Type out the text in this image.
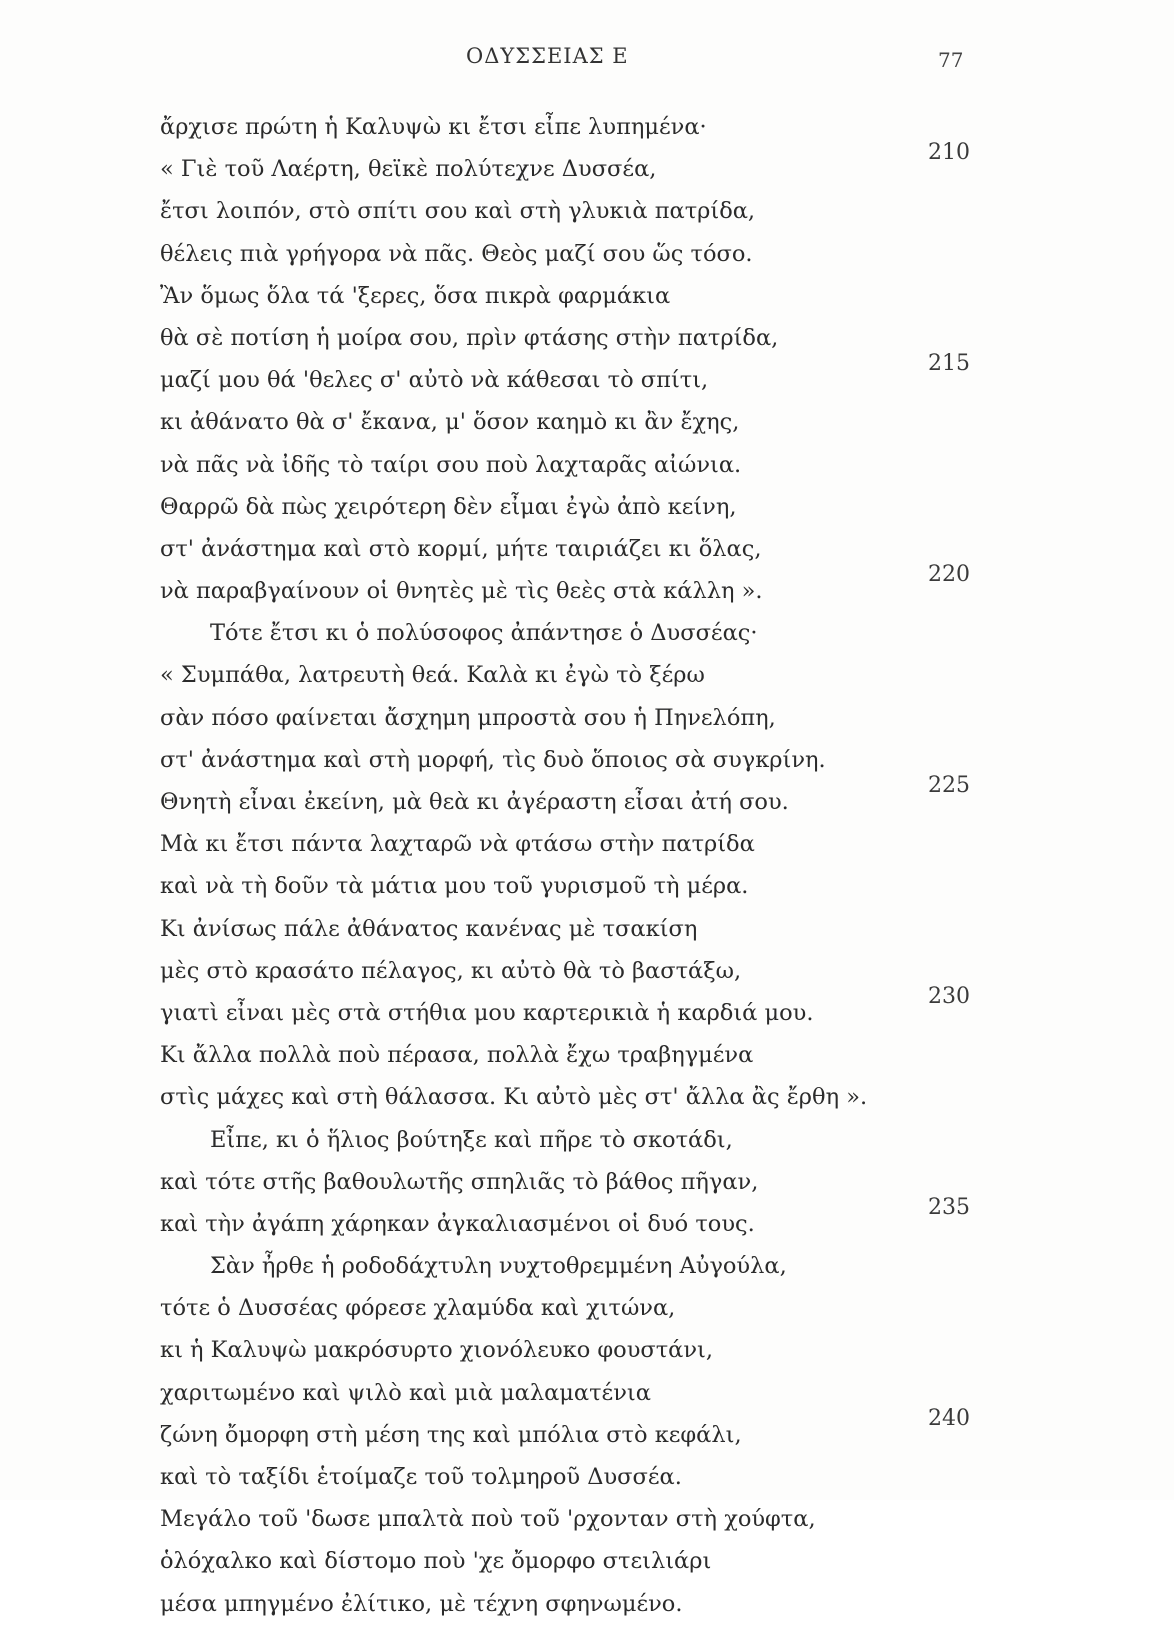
ΟΔΥΣΣΕΙΑΣ Ε	77
ἄρχισε πρώτη ἡ Καλυψὼ κι ἔτσι εἶπε λυπημένα·
« Γιὲ τοῦ Λαέρτη, θεϊκὲ πολύτεχνε Δυσσέα,
210
ἔτσι λοιπόν, στὸ σπίτι σου καὶ στὴ γλυκιὰ πατρίδα,
θέλεις πιὰ γρήγορα νὰ πᾶς. Θεὸς μαζί σου ὥς τόσο.
Ἂν ὅμως ὅλα τά 'ξερες, ὅσα πικρὰ φαρμάκια
θὰ σὲ ποτίση ἡ μοίρα σου, πρὶν φτάσης στὴν πατρίδα,
μαζί μου θά 'θελες σ' αὐτὸ νὰ κάθεσαι τὸ σπίτι,
215
κι ἀθάνατο θὰ σ' ἔκανα, μ' ὅσον καημὸ κι ἂν ἔχης,
νὰ πᾶς νὰ ἰδῆς τὸ ταίρι σου ποὺ λαχταρᾶς αἰώνια.
Θαρρῶ δὰ πὼς χειρότερη δὲν εἶμαι ἐγὼ ἀπὸ κείνη,
στ' ἀνάστημα καὶ στὸ κορμί, μήτε ταιριάζει κι ὅλας,
νὰ παραβγαίνουν οἱ θνητὲς μὲ τὶς θεὲς στὰ κάλλη ».
220
Τότε ἔτσι κι ὁ πολύσοφος ἀπάντησε ὁ Δυσσέας·
« Συμπάθα, λατρευτὴ θεά. Καλὰ κι ἐγὼ τὸ ξέρω
σὰν πόσο φαίνεται ἄσχημη μπροστὰ σου ἡ Πηνελόπη,
στ' ἀνάστημα καὶ στὴ μορφή, τὶς δυὸ ὅποιος σὰ συγκρίνη.
Θνητὴ εἶναι ἐκείνη, μὰ θεὰ κι ἀγέραστη εἶσαι ἀτή σου.
225
Μὰ κι ἔτσι πάντα λαχταρῶ νὰ φτάσω στὴν πατρίδα
καὶ νὰ τὴ δοῦν τὰ μάτια μου τοῦ γυρισμοῦ τὴ μέρα.
Κι ἀνίσως πάλε ἀθάνατος κανένας μὲ τσακίση
μὲς στὸ κρασάτο πέλαγος, κι αὐτὸ θὰ τὸ βαστάξω,
γιατὶ εἶναι μὲς στὰ στήθια μου καρτερικιὰ ἡ καρδιά μου.
230
Κι ἄλλα πολλὰ ποὺ πέρασα, πολλὰ ἔχω τραβηγμένα
στὶς μάχες καὶ στὴ θάλασσα. Κι αὐτὸ μὲς στ' ἄλλα ἂς ἔρθη ».
Εἶπε, κι ὁ ἥλιος βούτηξε καὶ πῆρε τὸ σκοτάδι,
καὶ τότε στῆς βαθουλωτῆς σπηλιᾶς τὸ βάθος πῆγαν,
καὶ τὴν ἀγάπη χάρηκαν ἀγκαλιασμένοι οἱ δυό τους.
235
Σὰν ἦρθε ἡ ροδοδάχτυλη νυχτοθρεμμένη Αὐγούλα,
τότε ὁ Δυσσέας φόρεσε χλαμύδα καὶ χιτώνα,
κι ἡ Καλυψὼ μακρόσυρτο χιονόλευκο φουστάνι,
χαριτωμένο καὶ ψιλὸ καὶ μιὰ μαλαματένια
ζώνη ὄμορφη στὴ μέση της καὶ μπόλια στὸ κεφάλι,
240
καὶ τὸ ταξίδι ἑτοίμαζε τοῦ τολμηροῦ Δυσσέα.
Μεγάλο τοῦ 'δωσε μπαλτὰ ποὺ τοῦ 'ρχονταν στὴ χούφτα,
ὁλόχαλκο καὶ δίστομο ποὺ 'χε ὄμορφο στειλιάρι
μέσα μπηγμένο ἐλίτικο, μὲ τέχνη σφηνωμένο.
